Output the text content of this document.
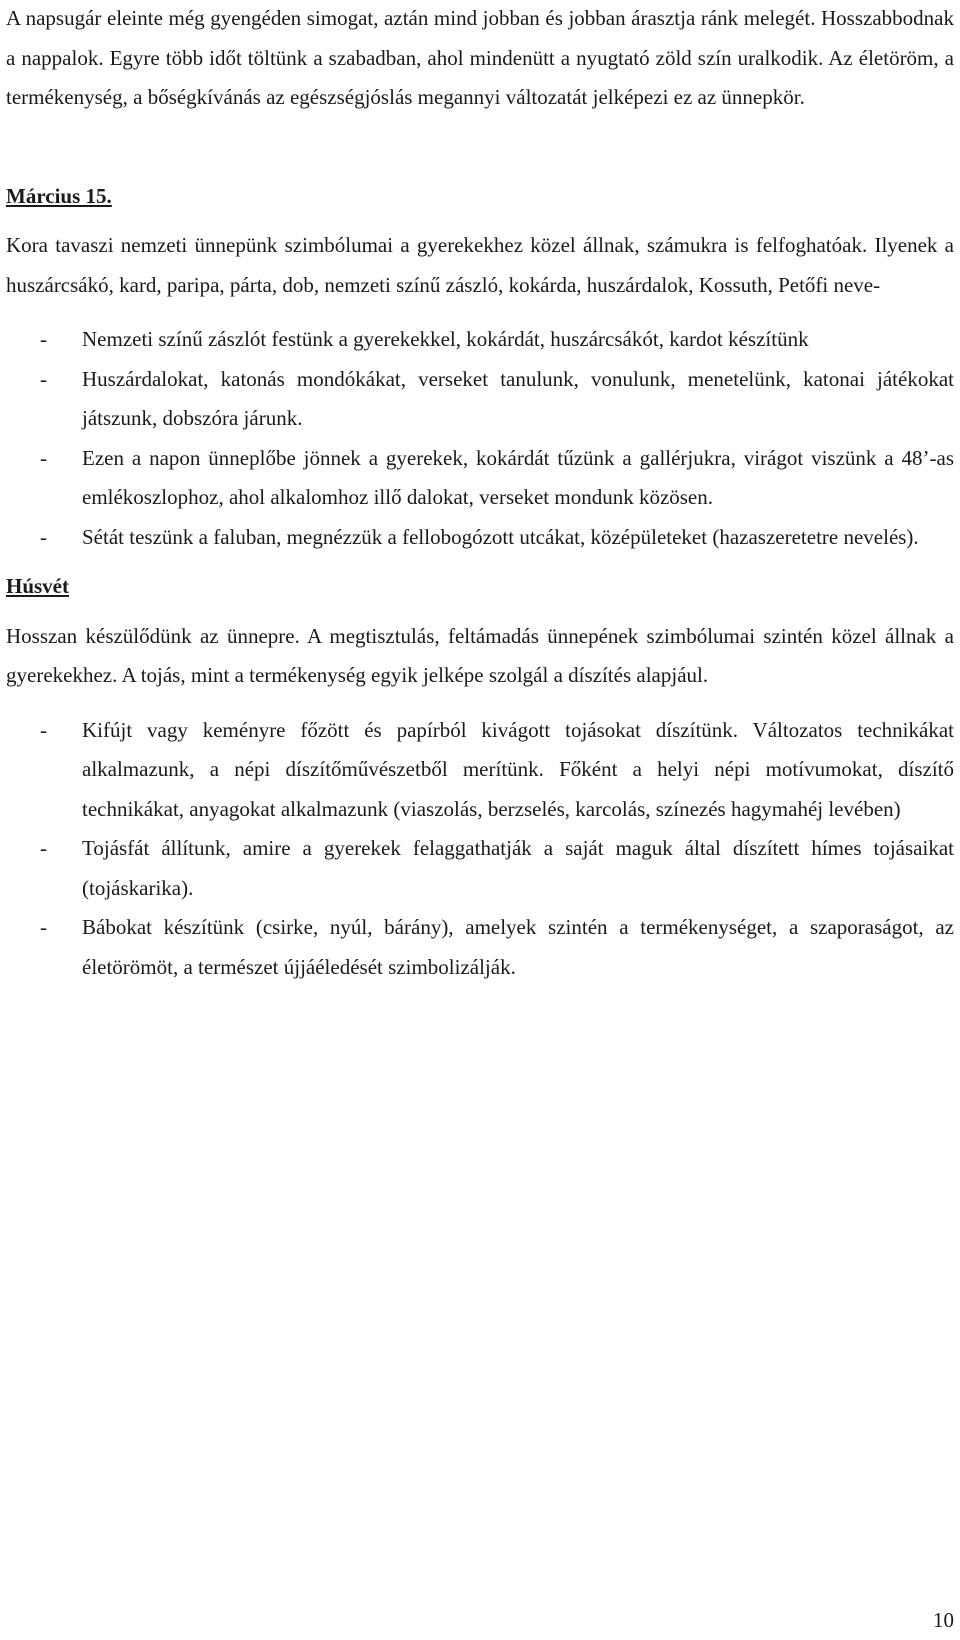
A napsugár eleinte még gyengéden simogat, aztán mind jobban és jobban árasztja ránk melegét. Hosszabbodnak a nappalok. Egyre több időt töltünk a szabadban, ahol mindenütt a nyugtató zöld szín uralkodik. Az életöröm, a termékenység, a bőségkívánás az egészségjóslás megannyi változatát jelképezi ez az ünnepkör.

Március 15.

Kora tavaszi nemzeti ünnepünk szimbólumai a gyerekekhez közel állnak, számukra is felfoghatóak. Ilyenek a huszárcsákó, kard, paripa, párta, dob, nemzeti színű zászló, kokárda, huszárdalok, Kossuth, Petőfi neve-

- Nemzeti színű zászlót festünk a gyerekekkel, kokárdát, huszárcsákót, kardot készítünk
- Huszárdalokat, katonás mondókákat, verseket tanulunk, vonulunk, menetelünk, katonai játékokat játszunk, dobszóra járunk.
- Ezen a napon ünneplőbe jönnek a gyerekek, kokárdát tűzünk a gallérjukra, virágot viszünk a 48’-as emlékoszlophoz, ahol alkalomhoz illő dalokat, verseket mondunk közösen.
- Sétát teszünk a faluban, megnézzük a fellobogózott utcákat, középületeket (hazaszeretetre nevelés).

Húsvét

Hosszan készülődünk az ünnepre. A megtisztulás, feltámadás ünnepének szimbólumai szintén közel állnak a gyerekekhez. A tojás, mint a termékenység egyik jelképe szolgál a díszítés alapjául.

- Kifújt vagy keményre főzött és papírból kivágott tojásokat díszítünk. Változatos technikákat alkalmazunk, a népi díszítőművészetből merítünk. Főként a helyi népi motívumokat, díszítő technikákat, anyagokat alkalmazunk (viaszolás, berzselés, karcolás, színezés hagymahéj levében)
- Tojásfát állítunk, amire a gyerekek felaggathatják a saját maguk által díszített hímes tojásaikat (tojáskarika).
- Bábokat készítünk (csirke, nyúl, bárány), amelyek szintén a termékenységet, a szaporaságot, az életörömöt, a természet újjáéledését szimbolizálják.
10
